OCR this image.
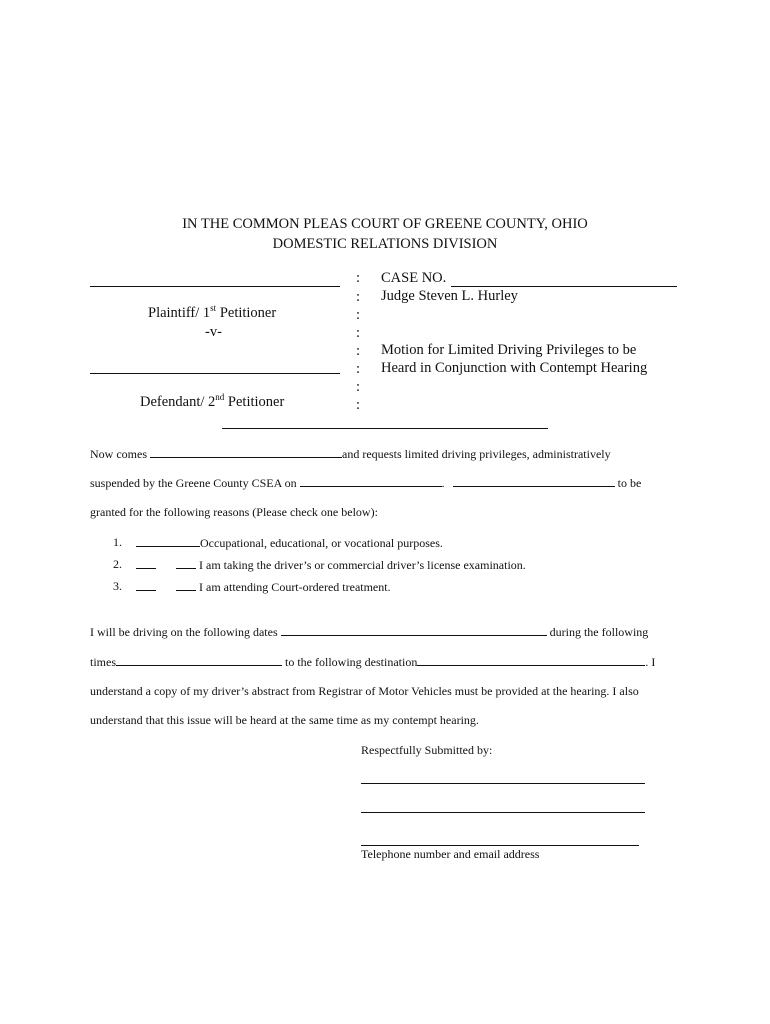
IN THE COMMON PLEAS COURT OF GREENE COUNTY, OHIO
DOMESTIC RELATIONS DIVISION
Plaintiff/ 1st Petitioner
-v-
Defendant/ 2nd Petitioner
:
:
:
:
:
:
:
:
CASE NO.
Judge Steven L. Hurley
Motion for Limited Driving Privileges to be
Heard in Conjunction with Contempt Hearing
Now comes	and requests limited driving privileges, administratively
suspended by the Greene County CSEA on	.	to be
granted for the following reasons (Please check one below):
1.	Occupational, educational, or vocational purposes.
2.	I am taking the driver’s or commercial driver’s license examination.
3.	I am attending Court-ordered treatment.
I will be driving on the following dates	during the following
times	to the following destination	. I
understand a copy of my driver’s abstract from Registrar of Motor Vehicles must be provided at the hearing. I also
understand that this issue will be heard at the same time as my contempt hearing.
Respectfully Submitted by:
Telephone number and email address
